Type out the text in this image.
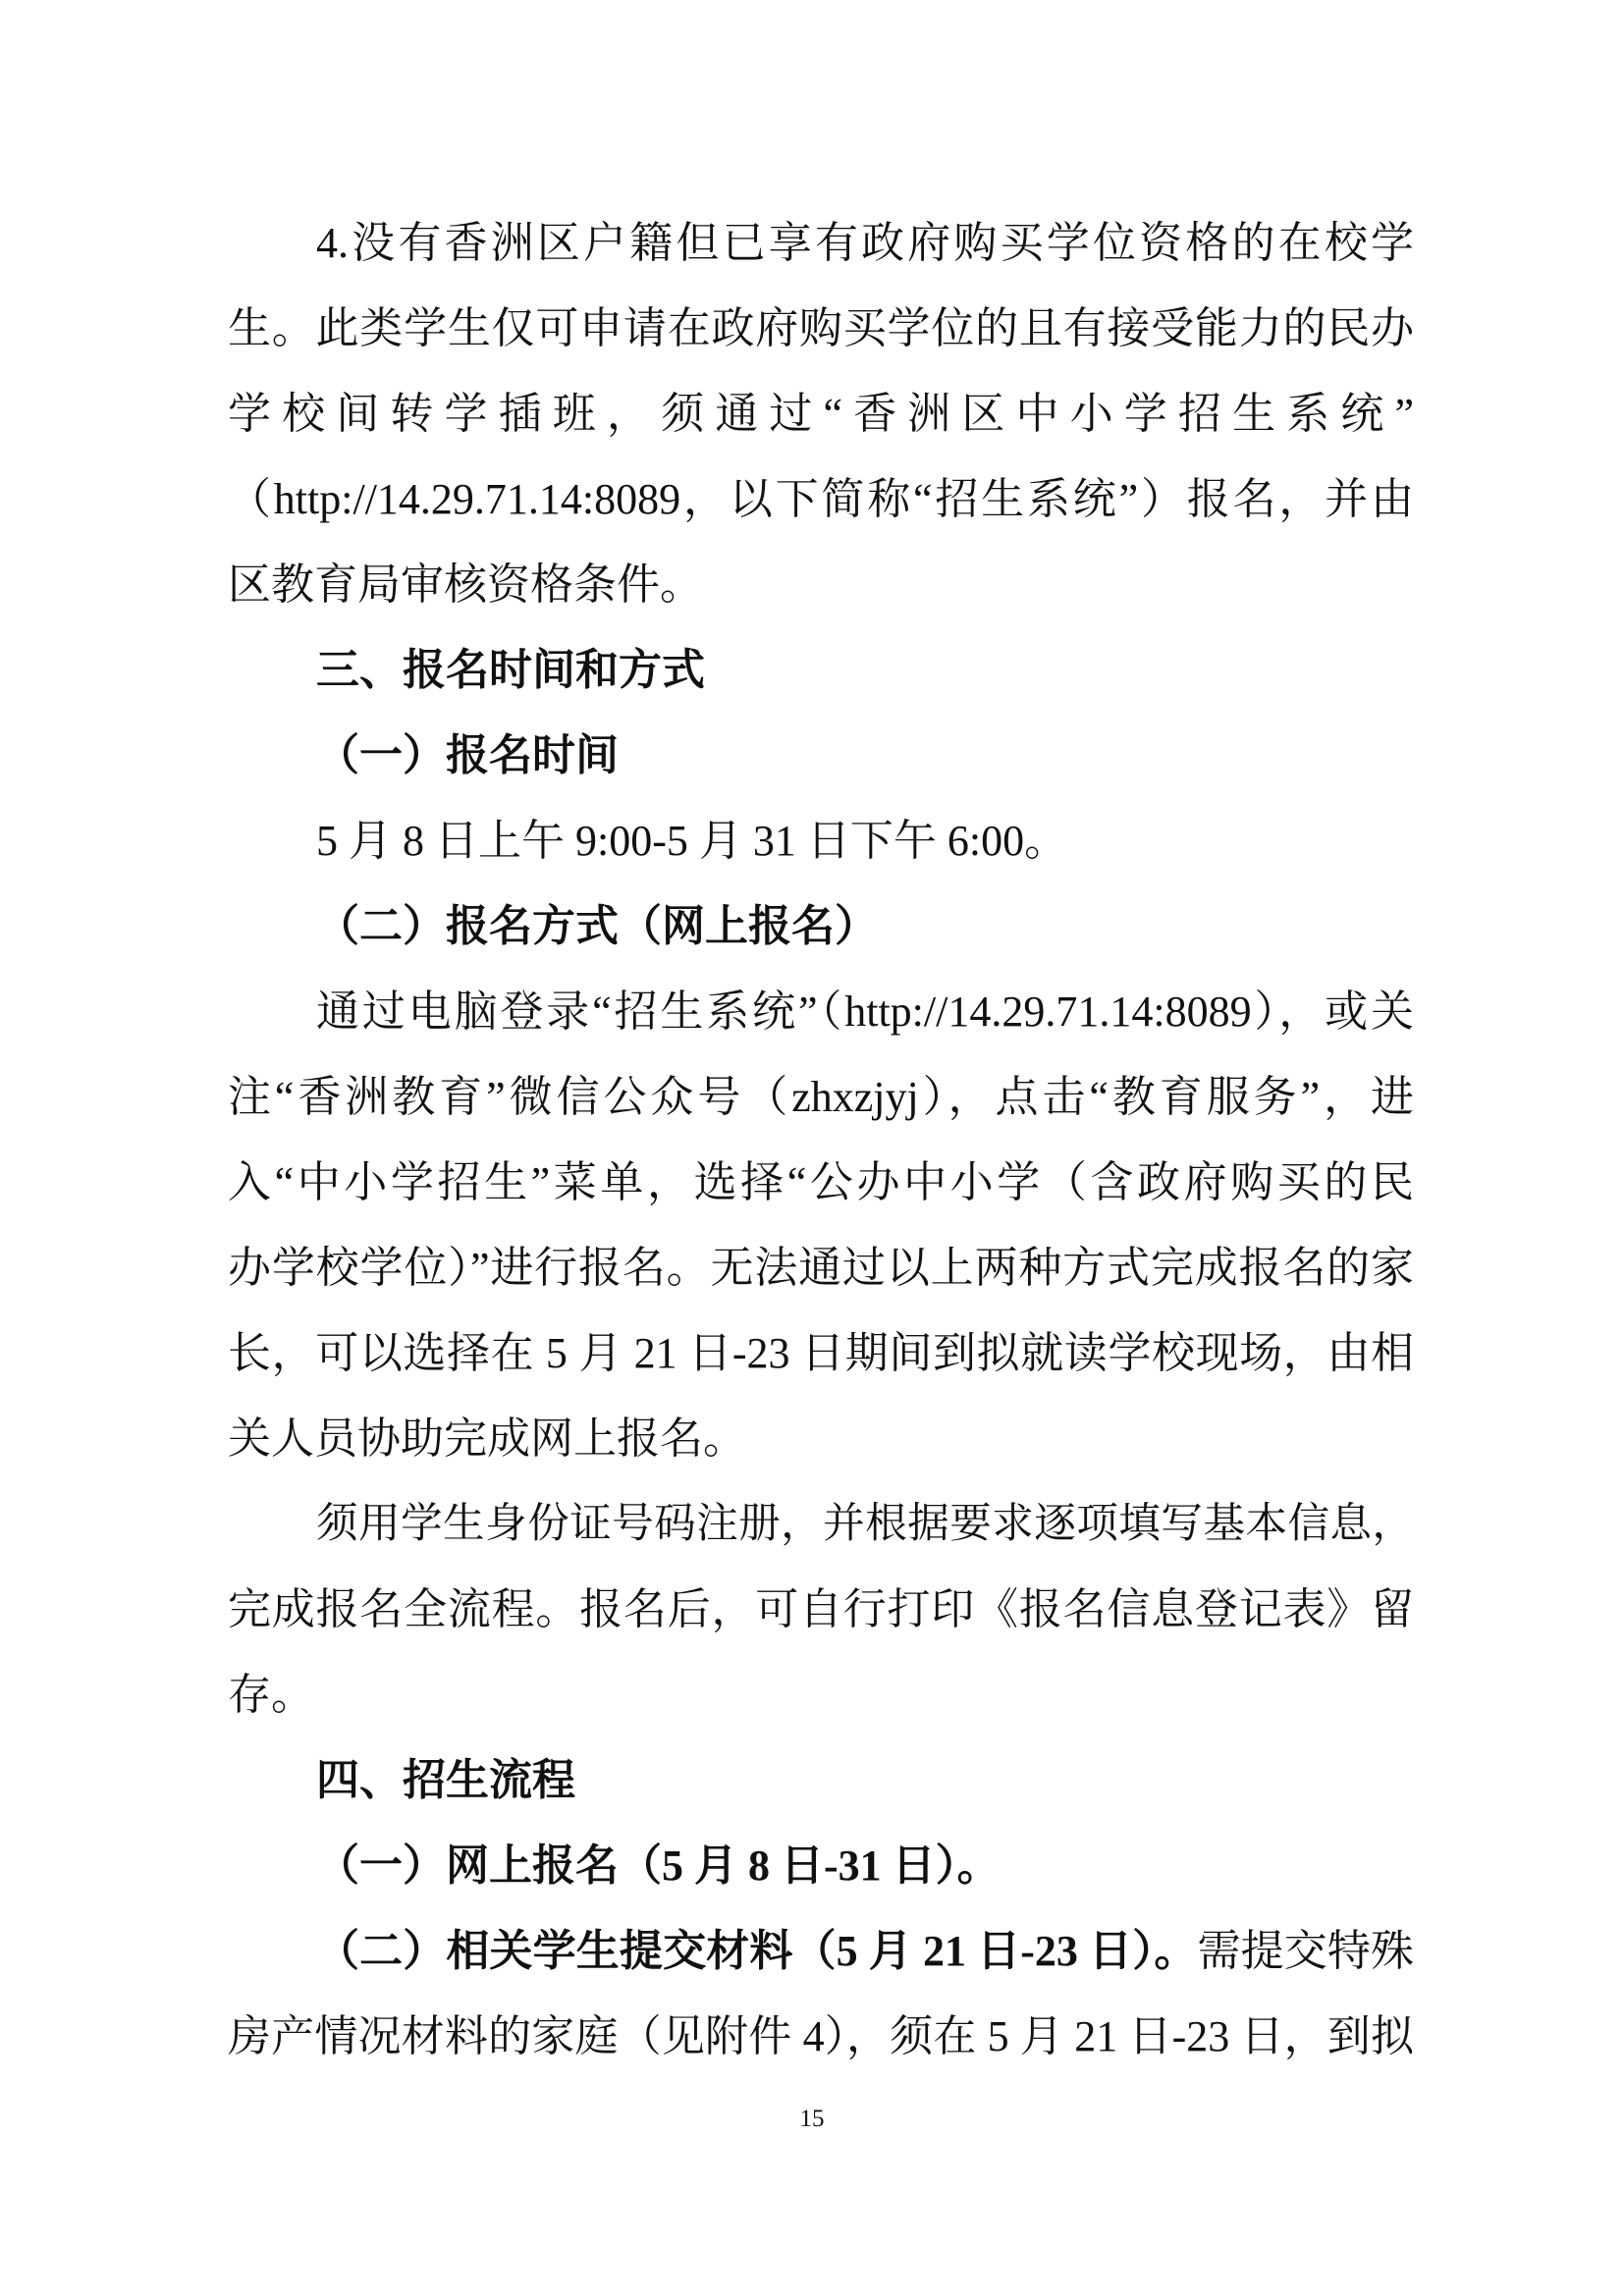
4.没有香洲区户籍但已享有政府购买学位资格的在校学
生。此类学生仅可申请在政府购买学位的且有接受能力的民办
学校间转学插班，须通过“香洲区中小学招生系统”
（http://14.29.71.14:8089，以下简称“招生系统”）报名，并由
区教育局审核资格条件。
三、报名时间和方式
（一）报名时间
5 月 8 日上午 9:00-5 月 31 日下午 6:00。
（二）报名方式（网上报名）
通过电脑登录“招生系统”（http://14.29.71.14:8089），或关
注“香洲教育”微信公众号（zhxzjyj），点击“教育服务”，进
入“中小学招生”菜单，选择“公办中小学（含政府购买的民
办学校学位）”进行报名。无法通过以上两种方式完成报名的家
长，可以选择在 5 月 21 日-23 日期间到拟就读学校现场，由相
关人员协助完成网上报名。
须用学生身份证号码注册，并根据要求逐项填写基本信息，
完成报名全流程。报名后，可自行打印《报名信息登记表》留
存。
四、招生流程
（一）网上报名（5 月 8 日-31 日）。
（二）相关学生提交材料（5 月 21 日-23 日）。需提交特殊
房产情况材料的家庭（见附件 4），须在 5 月 21 日-23 日，到拟
15
